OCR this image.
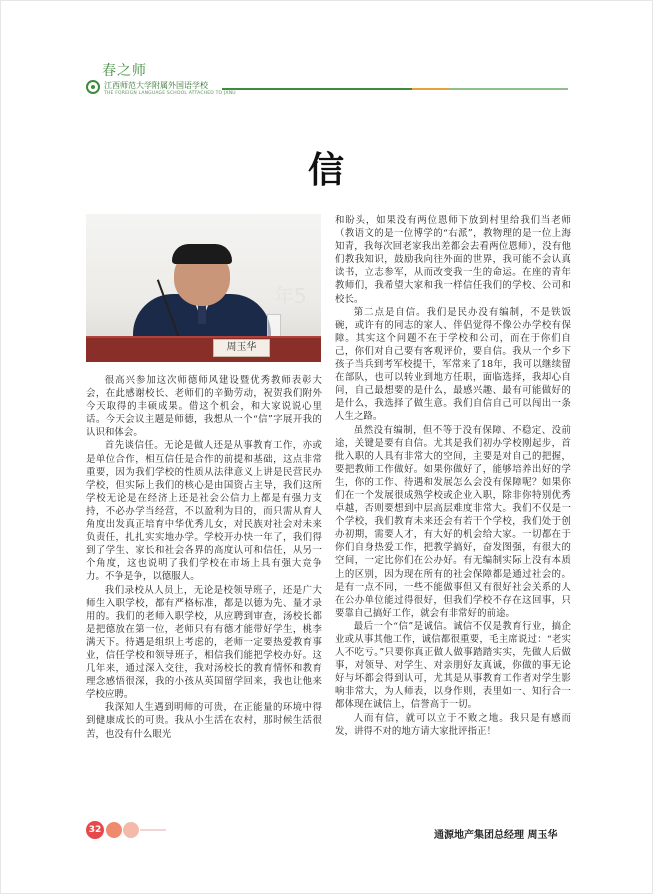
春之师
江西师范大学附属外国语学校
THE FOREIGN LANGUAGE SCHOOL ATTACHED TO JXNU
信
年5
周玉华

很高兴参加这次师德师风建设暨优秀教师表彰大会，在此感谢校长、老师们的辛勤劳动，祝贺我们附外今天取得的丰硕成果。借这个机会，和大家说说心里话。今天会议主题是师德，我想从一个“信”字展开我的认识和体会。

首先谈信任。无论是做人还是从事教育工作，亦或是单位合作，相互信任是合作的前提和基础，这点非常重要，因为我们学校的性质从法律意义上讲是民营民办学校，但实际上我们的核心是由国资占主导，我们这所学校无论是在经济上还是社会公信力上都是有强力支持，不必办学当经营，不以盈利为目的，而只需从育人角度出发真正培育中华优秀儿女，对民族对社会对未来负责任，扎扎实实地办学。学校开办快一年了，我们得到了学生、家长和社会各界的高度认可和信任，从另一个角度，这也说明了我们学校在市场上具有强大竞争力。不争是争，以德服人。

我们录校从人员上，无论是校领导班子，还是广大师生入职学校，都有严格标准，都是以德为先、量才录用的。我们的老师入职学校，从应聘到审查，汤校长都是把德放在第一位，老师只有有德才能带好学生，桃李满天下。待遇是组织上考虑的，老师一定要热爱教育事业，信任学校和领导班子，相信我们能把学校办好。这几年来，通过深入交往，我对汤校长的教育情怀和教育理念感悟很深，我的小孩从英国留学回来，我也让他来学校应聘。

我深知人生遇到明师的可贵，在正能量的环境中得到健康成长的可贵。我从小生活在农村，那时候生活很苦，也没有什么眼光

和盼头，如果没有两位恩师下放到村里给我们当老师（教语文的是一位博学的“右派”，教物理的是一位上海知青，我每次回老家我出差都会去看两位恩师），没有他们教我知识，鼓励我向往外面的世界，我可能不会认真读书，立志参军，从而改变我一生的命运。在座的青年教师们，我希望大家和我一样信任我们的学校、公司和校长。

第二点是自信。我们是民办没有编制，不是铁饭碗，或许有的同志的家人、伴侣觉得不像公办学校有保障。其实这个问题不在于学校和公司，而在于你们自己，你们对自己要有客观评价，要自信。我从一个乡下孩子当兵到考军校提干，军常来了18年，我可以继续留在部队，也可以转业到地方任职，面临选择，我却心自问，自己最想要的是什么，最感兴趣、最有可能做好的是什么，我选择了做生意。我们自信自己可以闯出一条人生之路。

虽然没有编制，但不等于没有保障、不稳定、没前途，关键是要有自信。尤其是我们初办学校刚起步，首批入职的人具有非常大的空间，主要是对自己的把握，要把教师工作做好。如果你做好了，能够培养出好的学生，你的工作、待遇和发展怎么会没有保障呢？如果你们在一个发展很成熟学校或企业入职，除非你特别优秀卓越，否则要想到中层高层难度非常大。我们不仅是一个学校，我们教育未来还会有若干个学校，我们处于创办初期，需要人才，有大好的机会给大家。一切都在于你们自身热爱工作，把教学搞好，奋发图强，有很大的空间，一定比你们在公办好。有无编制实际上没有本质上的区别，因为现在所有的社会保障都是通过社会的。是有一点不同，一些不能做事但又有很好社会关系的人在公办单位能过得很好，但我们学校不存在这回事，只要靠自己搞好工作，就会有非常好的前途。

最后一个“信”是诚信。诚信不仅是教育行业，搞企业或从事其他工作，诚信都很重要，毛主席说过：“老实人不吃亏。”只要你真正做人做事踏踏实实，先做人后做事，对领导、对学生、对亲朋好友真诚，你做的事无论好与坏都会得到认可，尤其是从事教育工作者对学生影响非常大，为人师表，以身作则，表里如一、知行合一都体现在诚信上，信誉高于一切。

人而有信，就可以立于不败之地。我只是有感而发，讲得不对的地方请大家批评指正！

通源地产集团总经理 周玉华
32
